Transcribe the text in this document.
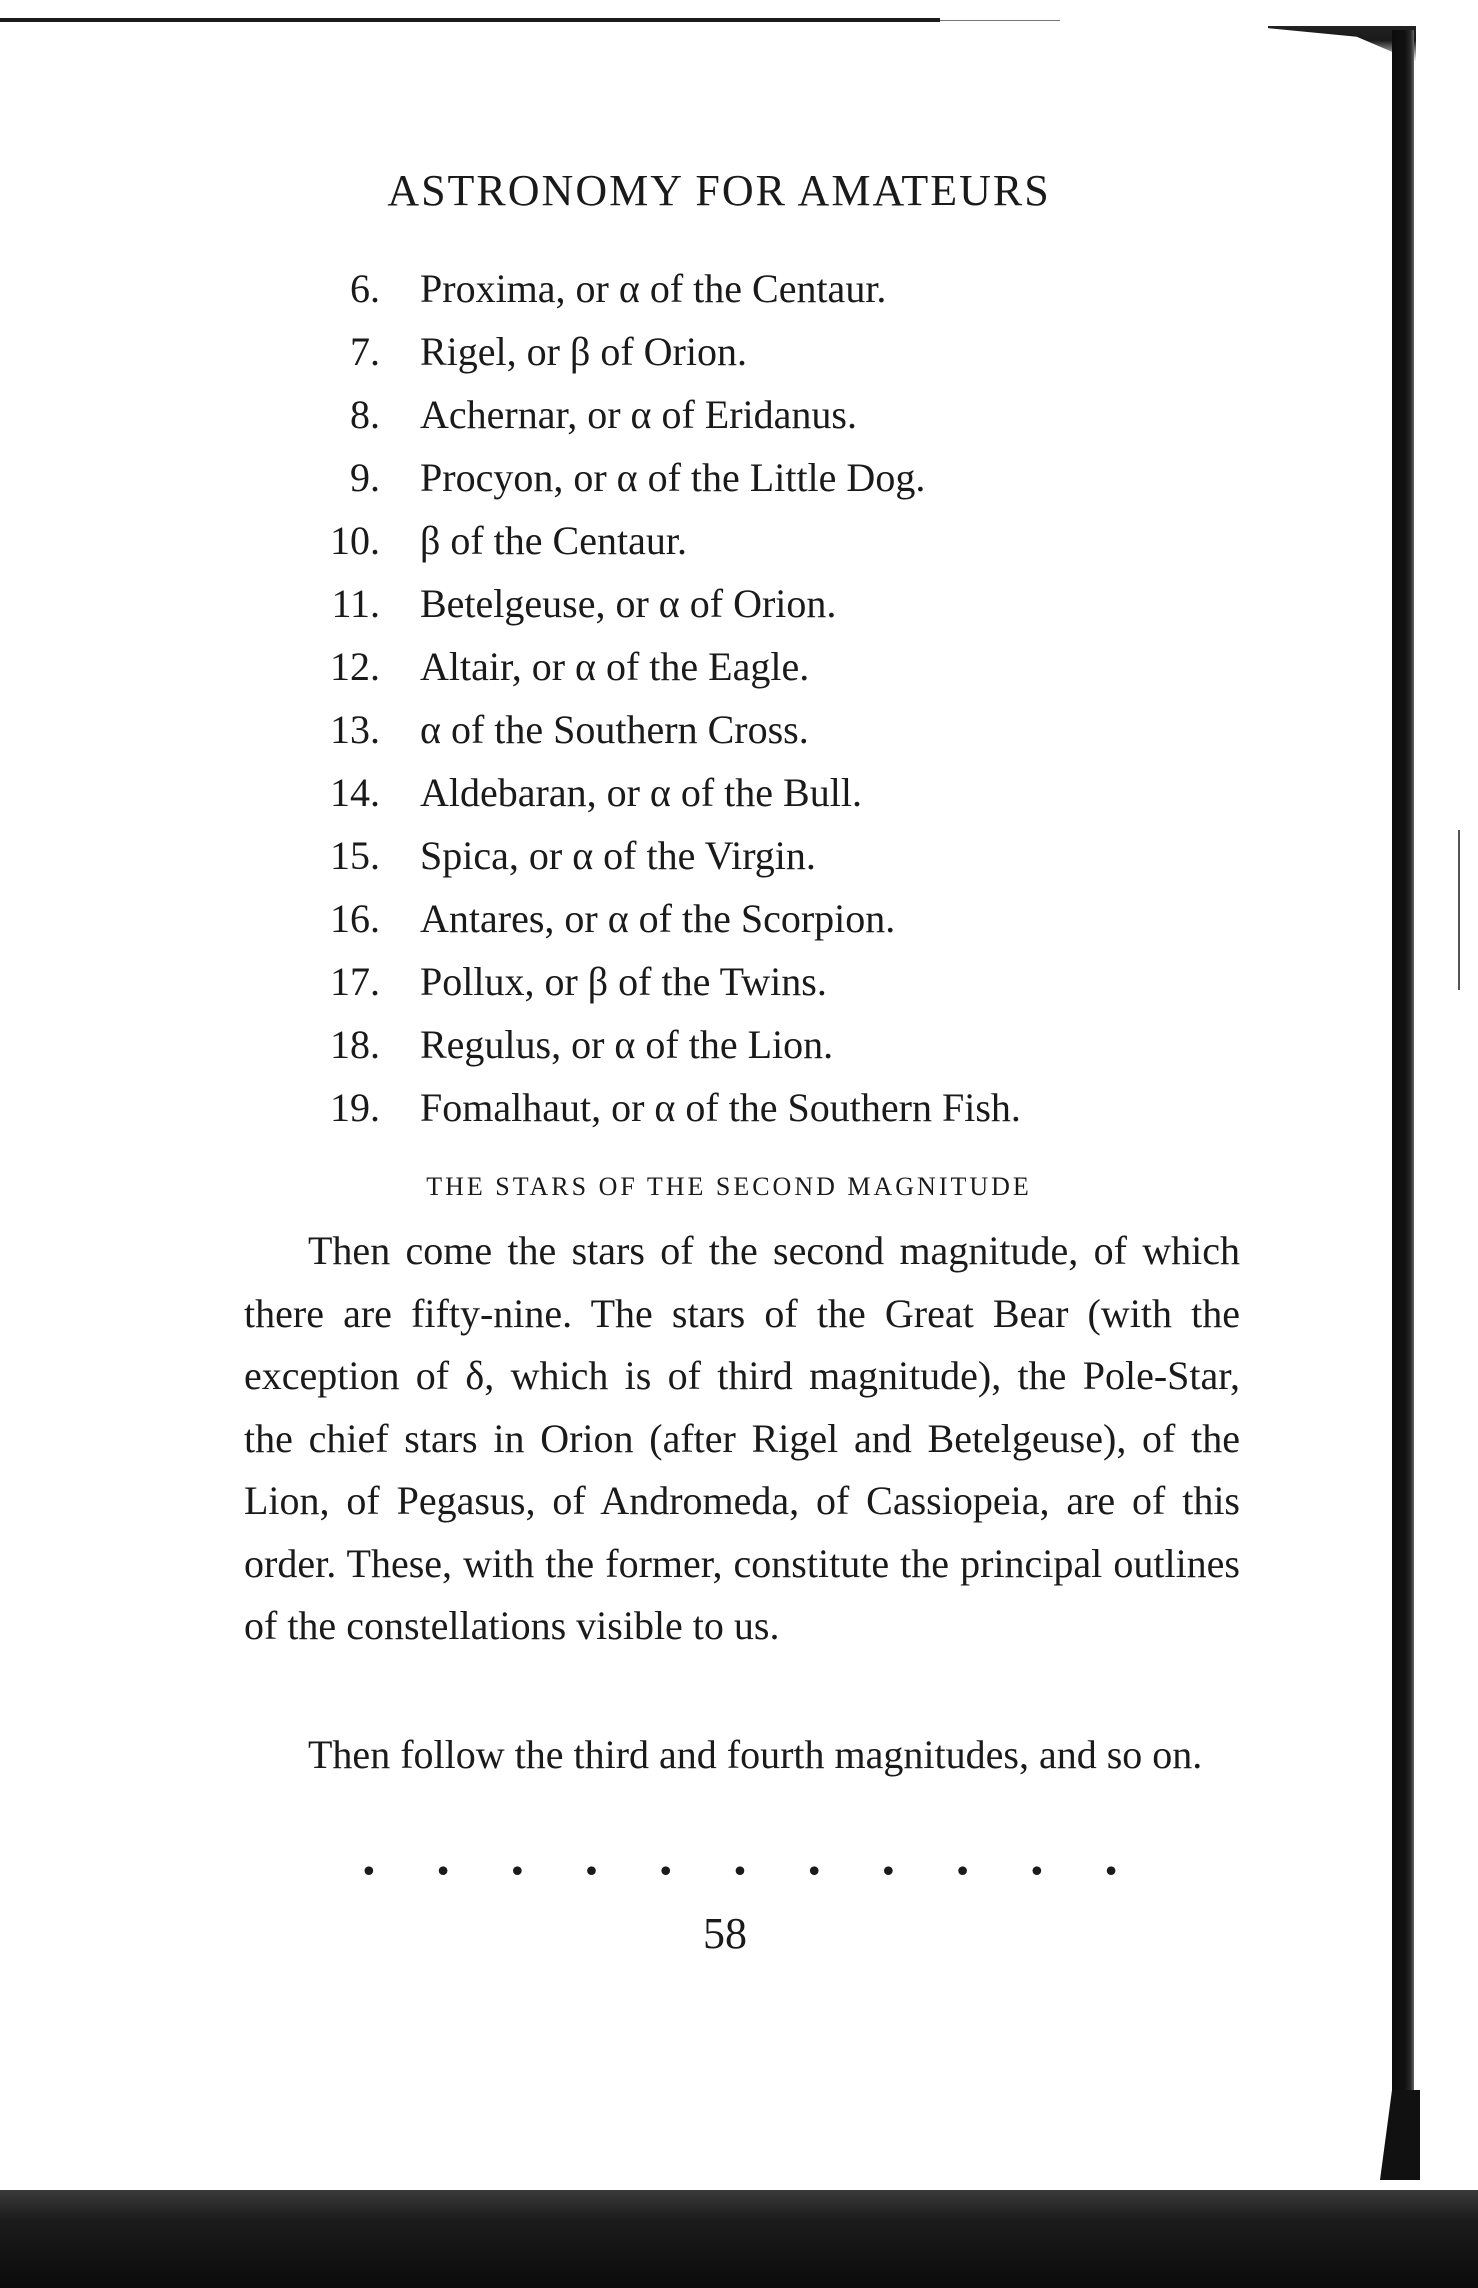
ASTRONOMY FOR AMATEURS
6. Proxima, or α of the Centaur.
7. Rigel, or β of Orion.
8. Achernar, or α of Eridanus.
9. Procyon, or α of the Little Dog.
10. β of the Centaur.
11. Betelgeuse, or α of Orion.
12. Altair, or α of the Eagle.
13. α of the Southern Cross.
14. Aldebaran, or α of the Bull.
15. Spica, or α of the Virgin.
16. Antares, or α of the Scorpion.
17. Pollux, or β of the Twins.
18. Regulus, or α of the Lion.
19. Fomalhaut, or α of the Southern Fish.
THE STARS OF THE SECOND MAGNITUDE

Then come the stars of the second magnitude, of which there are fifty-nine. The stars of the Great Bear (with the exception of δ, which is of third magnitude), the Pole-Star, the chief stars in Orion (after Rigel and Betelgeuse), of the Lion, of Pegasus, of Andromeda, of Cassiopeia, are of this order. These, with the former, constitute the principal outlines of the constellations visible to us.

Then follow the third and fourth magnitudes, and so on.

• • • • • • • • • • •
58
